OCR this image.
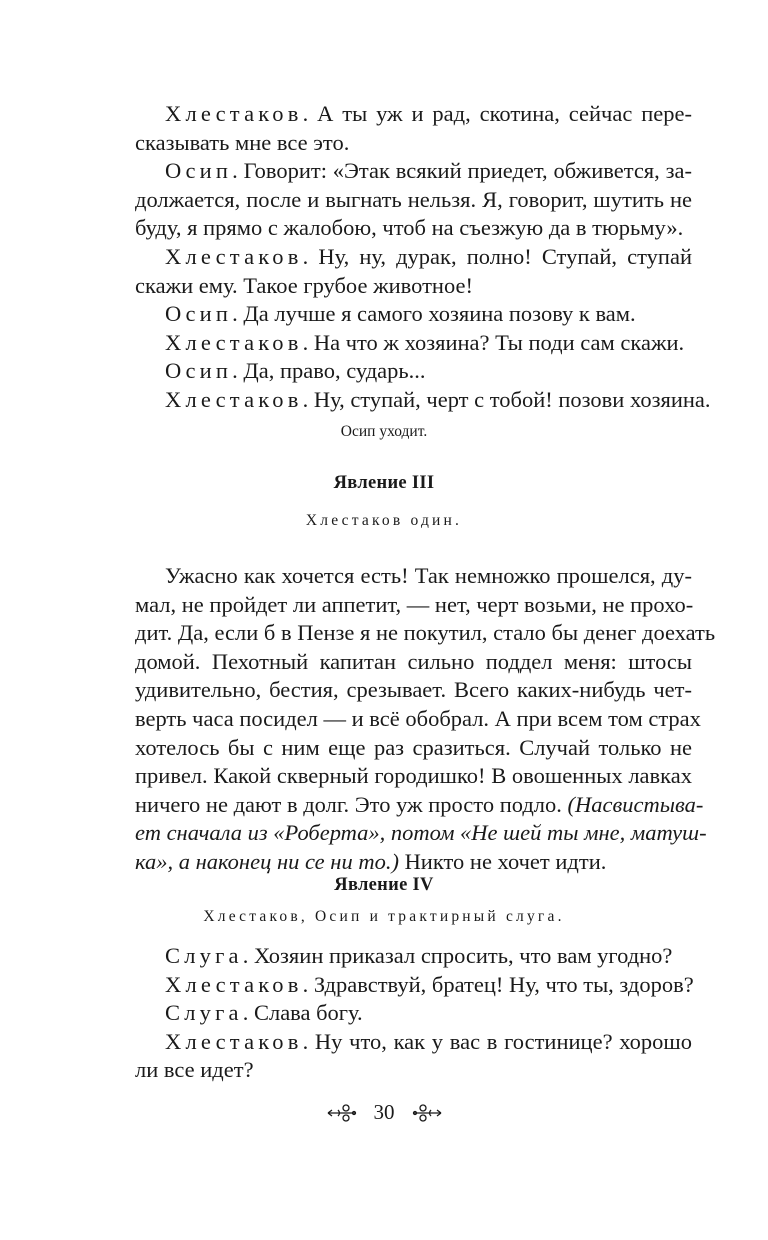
Хлестаков. А ты уж и рад, скотина, сейчас пере-
сказывать мне все это.
Осип. Говорит: «Этак всякий приедет, обживется, за-
должается, после и выгнать нельзя. Я, говорит, шутить не
буду, я прямо с жалобою, чтоб на съезжую да в тюрьму».
Хлестаков. Ну, ну, дурак, полно! Ступай, ступай
скажи ему. Такое грубое животное!
Осип. Да лучше я самого хозяина позову к вам.
Хлестаков. На что ж хозяина? Ты поди сам скажи.
Осип. Да, право, сударь...
Хлестаков. Ну, ступай, черт с тобой! позови хозяина.
Осип уходит.
Явление III
Хлестаков один.
Ужасно как хочется есть! Так немножко прошелся, ду-
мал, не пройдет ли аппетит, — нет, черт возьми, не прохо-
дит. Да, если б в Пензе я не покутил, стало бы денег доехать
домой. Пехотный капитан сильно поддел меня: штосы
удивительно, бестия, срезывает. Всего каких-нибудь чет-
верть часа посидел — и всё обобрал. А при всем том страх
хотелось бы с ним еще раз сразиться. Случай только не
привел. Какой скверный городишко! В овошенных лавках
ничего не дают в долг. Это уж просто подло. (Насвистыва-
ет сначала из «Роберта», потом «Не шей ты мне, матуш-
ка», а наконец ни се ни то.) Никто не хочет идти.
Явление IV
Хлестаков, Осип и трактирный слуга.
Слуга. Хозяин приказал спросить, что вам угодно?
Хлестаков. Здравствуй, братец! Ну, что ты, здоров?
Слуга. Слава богу.
Хлестаков. Ну что, как у вас в гостинице? хорошо
ли все идет?
30
